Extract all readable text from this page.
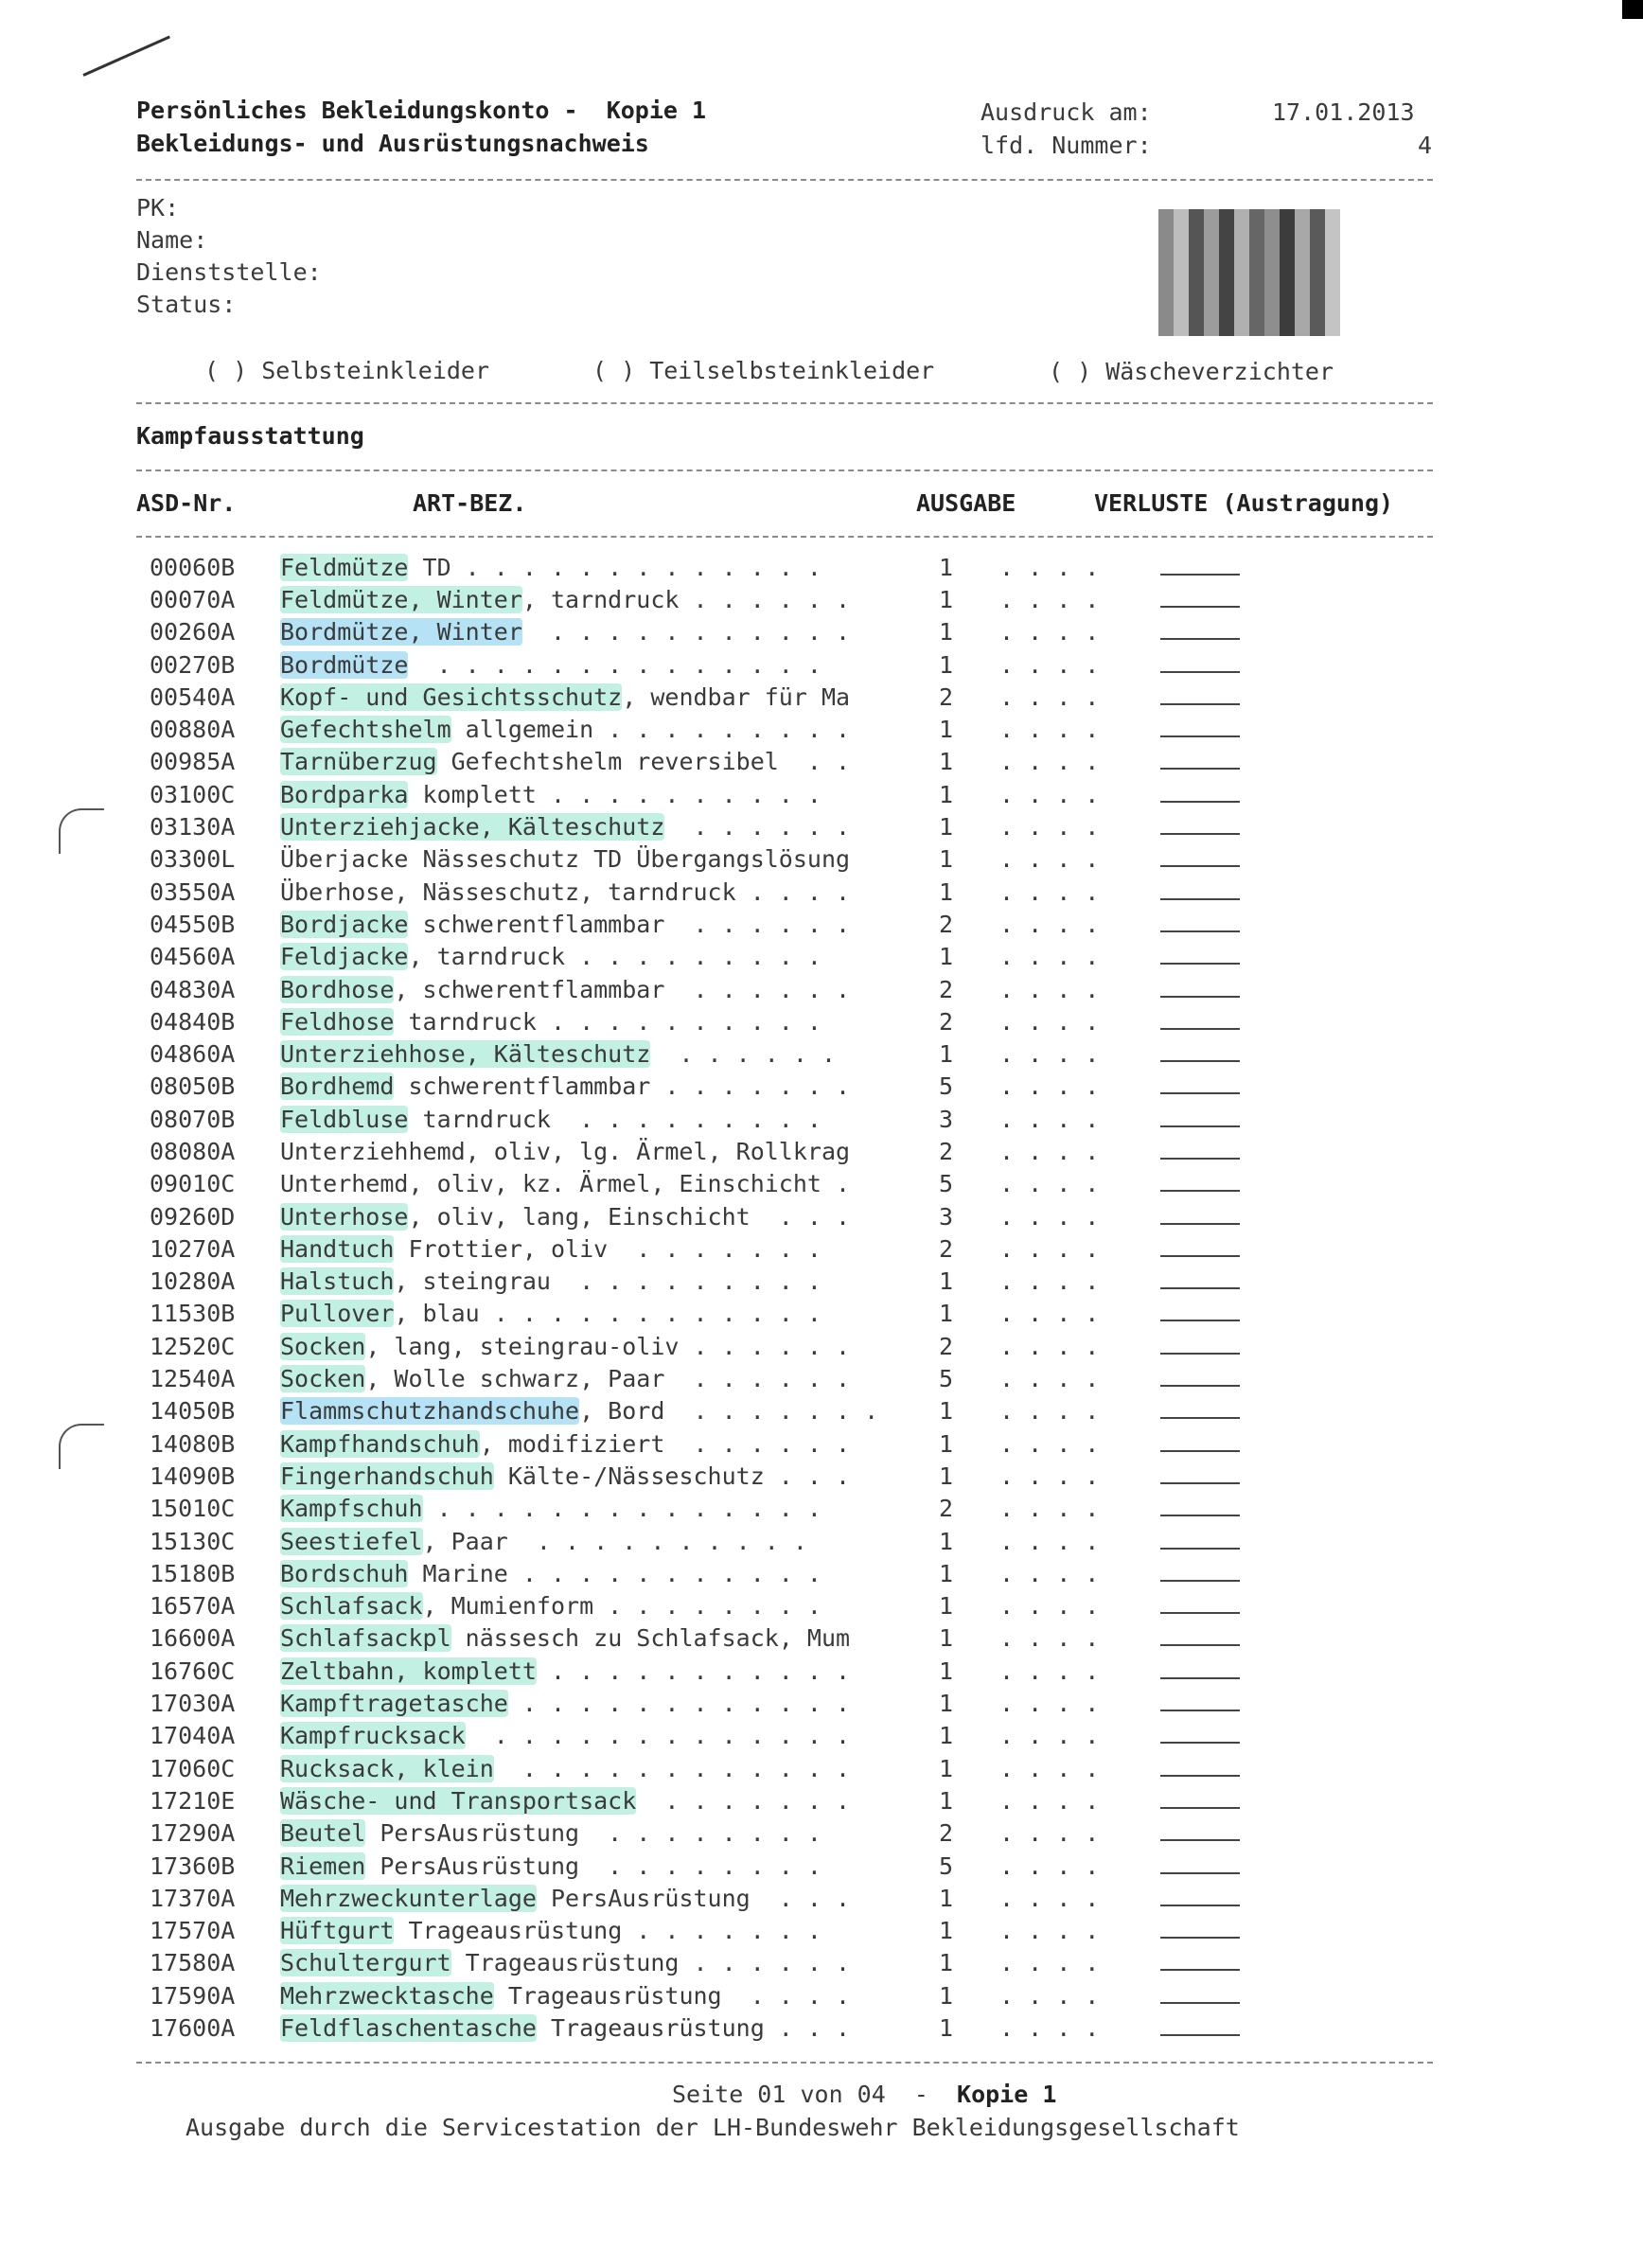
Persönliches Bekleidungskonto -  Kopie 1
Bekleidungs- und Ausrüstungsnachweis
Ausdruck am:	17.01.2013
lfd. Nummer:	4
PK:
Name:
Dienststelle:
Status:
( ) Selbsteinkleider	( ) Teilselbsteinkleider	( ) Wäscheverzichter
Kampfausstattung
ASD-Nr.	ART-BEZ.	AUSGABE	VERLUSTE (Austragung)
00060B	Feldmütze TD . . . . . . . . . . . . .	1	. . . .	
00070A	Feldmütze, Winter, tarndruck . . . . . .	1	. . . .	
00260A	Bordmütze, Winter  . . . . . . . . . . .	1	. . . .	
00270B	Bordmütze  . . . . . . . . . . . . . .	1	. . . .	
00540A	Kopf- und Gesichtsschutz, wendbar für Ma	2	. . . .	
00880A	Gefechtshelm allgemein . . . . . . . . .	1	. . . .	
00985A	Tarnüberzug Gefechtshelm reversibel  . .	1	. . . .	
03100C	Bordparka komplett . . . . . . . . . .	1	. . . .	
03130A	Unterziehjacke, Kälteschutz  . . . . . .	1	. . . .	
03300L	Überjacke Nässeschutz TD Übergangslösung	1	. . . .	
03550A	Überhose, Nässeschutz, tarndruck . . . .	1	. . . .	
04550B	Bordjacke schwerentflammbar  . . . . . .	2	. . . .	
04560A	Feldjacke, tarndruck . . . . . . . . .	1	. . . .	
04830A	Bordhose, schwerentflammbar  . . . . . .	2	. . . .	
04840B	Feldhose tarndruck . . . . . . . . . .	2	. . . .	
04860A	Unterziehhose, Kälteschutz  . . . . . .	1	. . . .	
08050B	Bordhemd schwerentflammbar . . . . . . .	5	. . . .	
08070B	Feldbluse tarndruck  . . . . . . . . .	3	. . . .	
08080A	Unterziehhemd, oliv, lg. Ärmel, Rollkrag	2	. . . .	
09010C	Unterhemd, oliv, kz. Ärmel, Einschicht .	5	. . . .	
09260D	Unterhose, oliv, lang, Einschicht  . . .	3	. . . .	
10270A	Handtuch Frottier, oliv  . . . . . . .	2	. . . .	
10280A	Halstuch, steingrau  . . . . . . . . .	1	. . . .	
11530B	Pullover, blau . . . . . . . . . . . .	1	. . . .	
12520C	Socken, lang, steingrau-oliv . . . . . .	2	. . . .	
12540A	Socken, Wolle schwarz, Paar  . . . . . .	5	. . . .	
14050B	Flammschutzhandschuhe, Bord  . . . . . . .	1	. . . .	
14080B	Kampfhandschuh, modifiziert  . . . . . .	1	. . . .	
14090B	Fingerhandschuh Kälte-/Nässeschutz . . .	1	. . . .	
15010C	Kampfschuh . . . . . . . . . . . . . .	2	. . . .	
15130C	Seestiefel, Paar  . . . . . . . . . .	1	. . . .	
15180B	Bordschuh Marine . . . . . . . . . . .	1	. . . .	
16570A	Schlafsack, Mumienform . . . . . . . .	1	. . . .	
16600A	Schlafsackpl nässesch zu Schlafsack, Mum	1	. . . .	
16760C	Zeltbahn, komplett . . . . . . . . . . .	1	. . . .	
17030A	Kampftragetasche . . . . . . . . . . . .	1	. . . .	
17040A	Kampfrucksack  . . . . . . . . . . . . .	1	. . . .	
17060C	Rucksack, klein  . . . . . . . . . . . .	1	. . . .	
17210E	Wäsche- und Transportsack  . . . . . . .	1	. . . .	
17290A	Beutel PersAusrüstung  . . . . . . . .	2	. . . .	
17360B	Riemen PersAusrüstung  . . . . . . . .	5	. . . .	
17370A	Mehrzweckunterlage PersAusrüstung  . . .	1	. . . .	
17570A	Hüftgurt Trageausrüstung . . . . . . .	1	. . . .	
17580A	Schultergurt Trageausrüstung . . . . . .	1	. . . .	
17590A	Mehrzwecktasche Trageausrüstung  . . . .	1	. . . .	
17600A	Feldflaschentasche Trageausrüstung . . .	1	. . . .	
Seite 01 von 04  -  Kopie 1
Ausgabe durch die Servicestation der LH-Bundeswehr Bekleidungsgesellschaft
